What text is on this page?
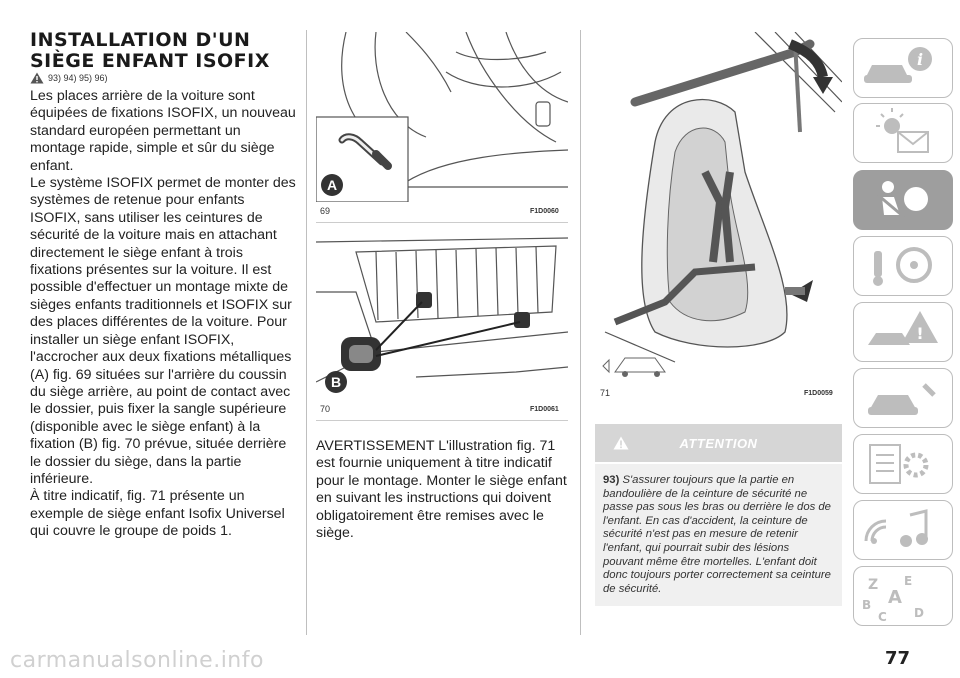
INSTALLATION D'UN
SIÈGE ENFANT ISOFIX
93) 94) 95) 96)

Les places arrière de la voiture sont équipées de fixations ISOFIX, un nouveau standard européen permettant un montage rapide, simple et sûr du siège enfant.

Le système ISOFIX permet de monter des systèmes de retenue pour enfants ISOFIX, sans utiliser les ceintures de sécurité de la voiture mais en attachant directement le siège enfant à trois fixations présentes sur la voiture. Il est possible d'effectuer un montage mixte de sièges enfants traditionnels et ISOFIX sur des places différentes de la voiture. Pour installer un siège enfant ISOFIX, l'accrocher aux deux fixations métalliques (A) fig. 69 situées sur l'arrière du coussin du siège arrière, au point de contact avec le dossier, puis fixer la sangle supérieure (disponible avec le siège enfant) à la fixation (B) fig. 70 prévue, située derrière le dossier du siège, dans la partie inférieure.

À titre indicatif, fig. 71 présente un exemple de siège enfant Isofix Universel qui couvre le groupe de poids 1.

A
69	F1D0060
B
70	F1D0061
AVERTISSEMENT L'illustration fig. 71 est fournie uniquement à titre indicatif pour le montage. Monter le siège enfant en suivant les instructions qui doivent obligatoirement être remises avec le siège.
71	F1D0059
ATTENTION
93) S'assurer toujours que la partie en bandoulière de la ceinture de sécurité ne passe pas sous les bras ou derrière le dos de l'enfant. En cas d'accident, la ceinture de sécurité n'est pas en mesure de retenir l'enfant, qui pourrait subir des lésions pouvant même être mortelles. L'enfant doit donc toujours porter correctement sa ceinture de sécurité.
i
!
Z E
B A
C D
carmanualsonline.info	77
